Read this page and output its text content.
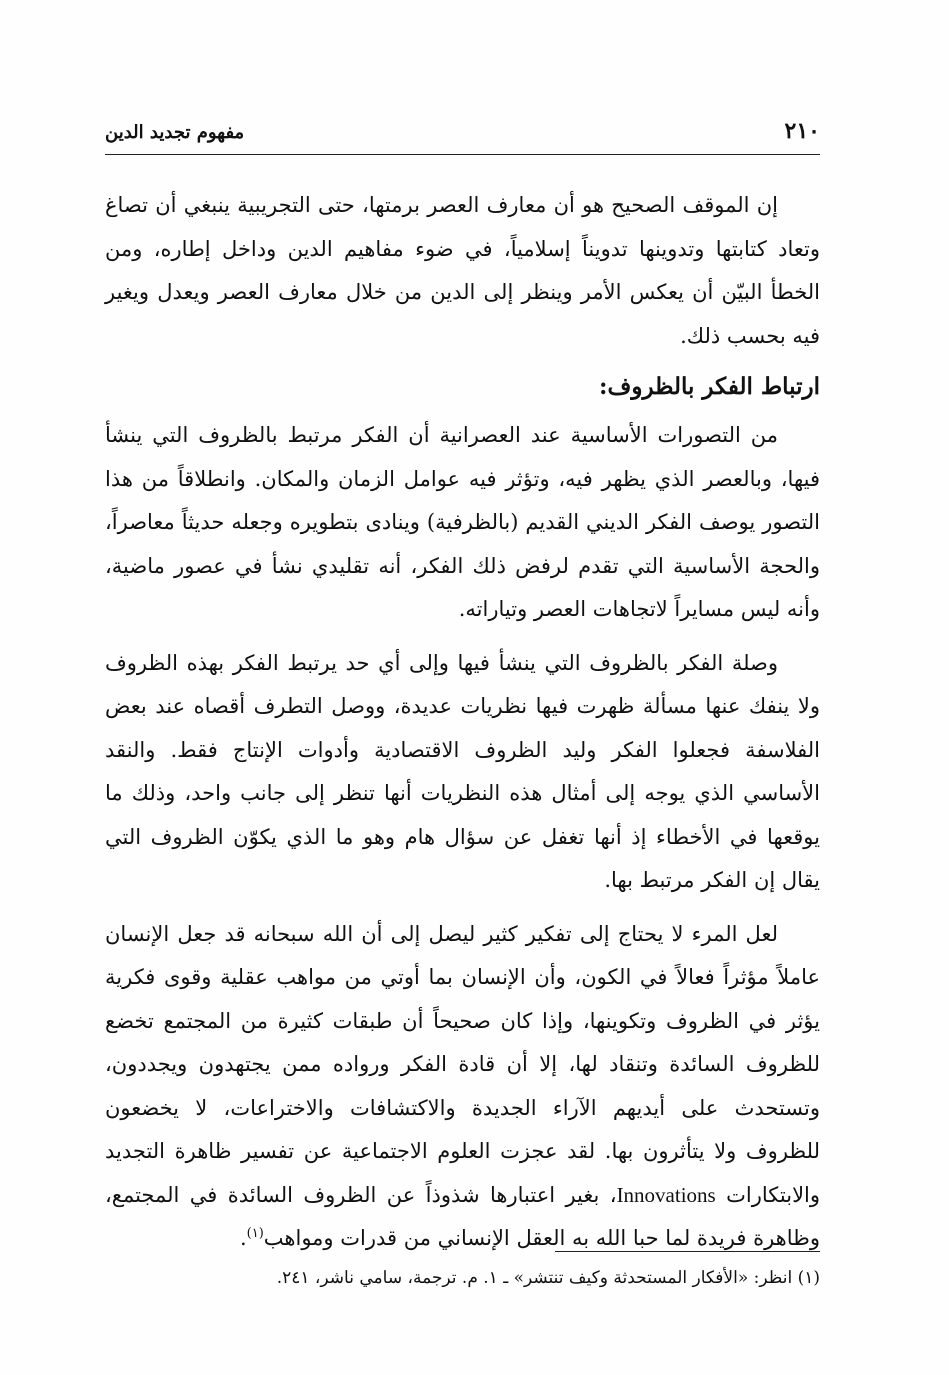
٢١٠
مفهوم تجديد الدين

إن الموقف الصحيح هو أن معارف العصر برمتها، حتى التجريبية ينبغي أن تصاغ وتعاد كتابتها وتدوينها تدويناً إسلامياً، في ضوء مفاهيم الدين وداخل إطاره، ومن الخطأ البيّن أن يعكس الأمر وينظر إلى الدين من خلال معارف العصر ويعدل ويغير فيه بحسب ذلك.

ارتباط الفكر بالظروف:

من التصورات الأساسية عند العصرانية أن الفكر مرتبط بالظروف التي ينشأ فيها، وبالعصر الذي يظهر فيه، وتؤثر فيه عوامل الزمان والمكان. وانطلاقاً من هذا التصور يوصف الفكر الديني القديم (بالظرفية) وينادى بتطويره وجعله حديثاً معاصراً، والحجة الأساسية التي تقدم لرفض ذلك الفكر، أنه تقليدي نشأ في عصور ماضية، وأنه ليس مسايراً لاتجاهات العصر وتياراته.

وصلة الفكر بالظروف التي ينشأ فيها وإلى أي حد يرتبط الفكر بهذه الظروف ولا ينفك عنها مسألة ظهرت فيها نظريات عديدة، ووصل التطرف أقصاه عند بعض الفلاسفة فجعلوا الفكر وليد الظروف الاقتصادية وأدوات الإنتاج فقط. والنقد الأساسي الذي يوجه إلى أمثال هذه النظريات أنها تنظر إلى جانب واحد، وذلك ما يوقعها في الأخطاء إذ أنها تغفل عن سؤال هام وهو ما الذي يكوّن الظروف التي يقال إن الفكر مرتبط بها.

لعل المرء لا يحتاج إلى تفكير كثير ليصل إلى أن الله سبحانه قد جعل الإنسان عاملاً مؤثراً فعالاً في الكون، وأن الإنسان بما أوتي من مواهب عقلية وقوى فكرية يؤثر في الظروف وتكوينها، وإذا كان صحيحاً أن طبقات كثيرة من المجتمع تخضع للظروف السائدة وتنقاد لها، إلا أن قادة الفكر ورواده ممن يجتهدون ويجددون، وتستحدث على أيديهم الآراء الجديدة والاكتشافات والاختراعات، لا يخضعون للظروف ولا يتأثرون بها. لقد عجزت العلوم الاجتماعية عن تفسير ظاهرة التجديد والابتكارات Innovations، بغير اعتبارها شذوذاً عن الظروف السائدة في المجتمع، وظاهرة فريدة لما حبا الله به العقل الإنساني من قدرات ومواهب$^{(١)}$.

(١) انظر: «الأفكار المستحدثة وكيف تنتشر» ـ ١. م. ترجمة، سامي ناشر، ٢٤١.
